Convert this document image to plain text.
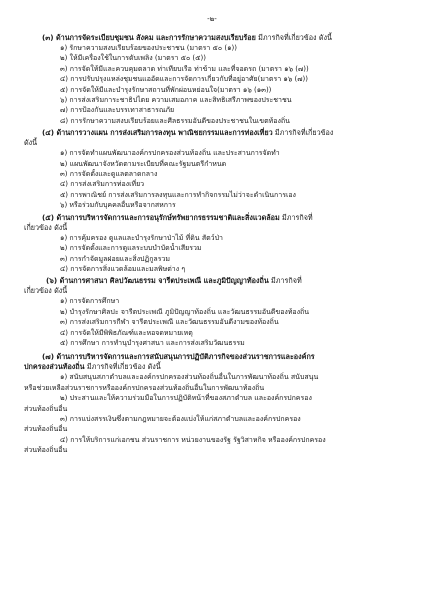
-๒-
(๓) ด้านการจัดระเบียบชุมชน สังคม และการรักษาความสงบเรียบร้อย มีภารกิจที่เกี่ยวข้อง ดังนี้
๑) รักษาความสงบเรียบร้อยของประชาชน (มาตรา ๕๐ (๑))
๒) ให้มีเครื่องใช้ในการดับเพลิง (มาตรา ๕๐ (๕))
๓) การจัดให้มีและควบคุมตลาด ท่าเทียบเรือ ท่าข้าม และที่จอดรถ (มาตรา ๑๖ (๗))
๔) การปรับปรุงแหล่งชุมชนแออัดและการจัดการเกี่ยวกับที่อยู่อาศัย(มาตรา ๑๖ (๗))
๕) การจัดให้มีและบำรุงรักษาสถานที่พักผ่อนหย่อนใจ(มาตรา ๑๖ (๑๓))
๖) การส่งเสริมการะชาธิปไตย ความเสมอภาค และสิทธิเสรีภาพของประชาชน
๗) การป้องกันและบรรเทาสาธารณภัย
๘) การรักษาความสงบเรียบร้อยและศีลธรรมอันดีของประชาชนในเขตท้องถิ่น
(๔) ด้านการวางแผน การส่งเสริมการลงทุน พาณิชยกรรมและการท่องเที่ยว มีภารกิจที่เกี่ยวข้อง
ดังนี้
๑) การจัดทำแผนพัฒนาองค์กรปกครองส่วนท้องถิ่น และประสานการจัดทำ
๒) แผนพัฒนาจังหวัดตามระเบียบที่คณะรัฐมนตรีกำหนด
๓) การจัดตั้งและดูแลตลาดกลาง
๔) การส่งเสริมการท่องเที่ยว
๕) การพาณิชย์ การส่งเสริมการลงทุนและการทำกิจกรรมไม่ว่าจะดำเนินการเอง
๖) หรือร่วมกับบุคคลอื่นหรือจากสหการ
(๕) ด้านการบริหารจัดการและการอนุรักษ์ทรัพยากรธรรมชาติและสิ่งแวดล้อม มีภารกิจที่
เกี่ยวข้อง ดังนี้
๑) การคุ้มครอง ดูแลและบำรุงรักษาป่าไม้ ที่ดิน สัตว์ป่า
๒) การจัดตั้งและการดูแลระบบบำบัดน้ำเสียรวม
๓) การกำจัดมูลฝอยและสิ่งปฏิกูลรวม
๔) การจัดการสิ่งแวดล้อมและมลพิษต่าง ๆ
(๖) ด้านการศาสนา ศิลปวัฒนธรรม จารีตประเพณี และภูมิปัญญาท้องถิ่น มีภารกิจที่
เกี่ยวข้อง ดังนี้
๑) การจัดการศึกษา
๒) บำรุงรักษาศิลปะ จารีตประเพณี ภูมิปัญญาท้องถิ่น และวัฒนธรรมอันดีของท้องถิ่น
๓) การส่งเสริมการกีฬา จารีตประเพณี และวัฒนธรรมอันดีงามของท้องถิ่น
๔) การจัดให้มีพิพิธภัณฑ์และหอจดหมายเหตุ
๕) การศึกษา การทำนุบำรุงศาสนา และการส่งเสริมวัฒนธรรม
(๗) ด้านการบริหารจัดการและการสนับสนุนการปฏิบัติภารกิจของส่วนราชการและองค์กร
ปกครองส่วนท้องถิ่น มีภารกิจที่เกี่ยวข้อง ดังนี้
๑) สนับสนุนสภาตำบลและองค์กรปกครองส่วนท้องถิ่นอื่นในการพัฒนาท้องถิ่น สนับสนุน
หรือช่วยเหลือส่วนราชการหรือองค์กรปกครองส่วนท้องถิ่นอื่นในการพัฒนาท้องถิ่น
๒) ประสานและให้ความร่วมมือในการปฏิบัติหน้าที่ของสภาตำบล และองค์กรปกครอง
ส่วนท้องถิ่นอื่น
๓) การแบ่งสรรเงินซึ่งตามกฎหมายจะต้องแบ่งให้แก่สภาตำบลและองค์กรปกครอง
ส่วนท้องถิ่นอื่น
๔) การให้บริการแก่เอกชน ส่วนราชการ หน่วยงานของรัฐ รัฐวิสาหกิจ หรือองค์กรปกครอง
ส่วนท้องถิ่นอื่น
